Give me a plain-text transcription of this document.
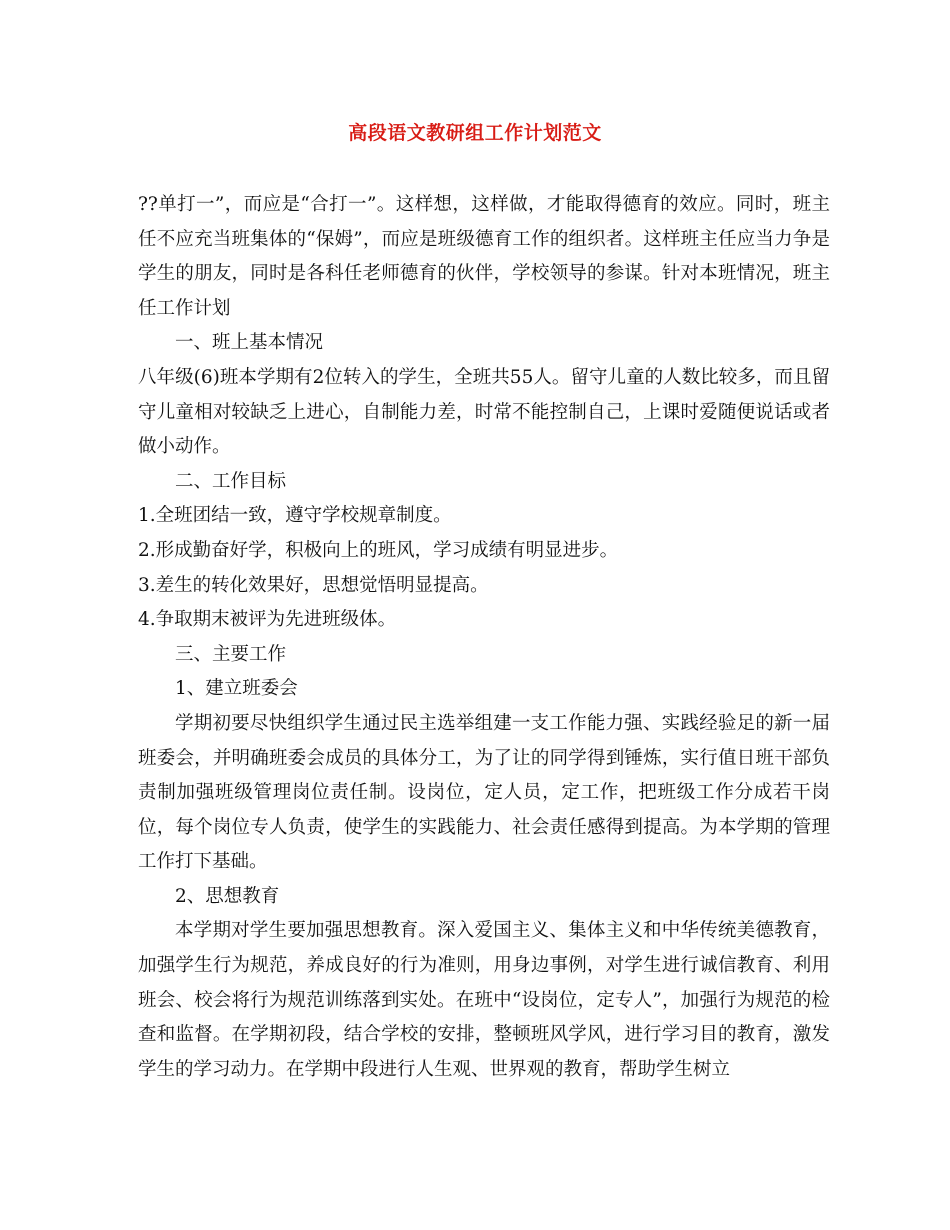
高段语文教研组工作计划范文

??单打一”，而应是“合打一”。这样想，这样做，才能取得德育的效应。同时，班主任不应充当班集体的“保姆”，而应是班级德育工作的组织者。这样班主任应当力争是学生的朋友，同时是各科任老师德育的伙伴，学校领导的参谋。针对本班情况，班主任工作计划

一、班上基本情况

八年级(6)班本学期有2位转入的学生，全班共55人。留守儿童的人数比较多，而且留守儿童相对较缺乏上进心，自制能力差，时常不能控制自己，上课时爱随便说话或者做小动作。

二、工作目标

1.全班团结一致，遵守学校规章制度。

2.形成勤奋好学，积极向上的班风，学习成绩有明显进步。

3.差生的转化效果好，思想觉悟明显提高。

4.争取期末被评为先进班级体。

三、主要工作

1、建立班委会

学期初要尽快组织学生通过民主选举组建一支工作能力强、实践经验足的新一届班委会，并明确班委会成员的具体分工，为了让的同学得到锤炼，实行值日班干部负责制加强班级管理岗位责任制。设岗位，定人员，定工作，把班级工作分成若干岗位，每个岗位专人负责，使学生的实践能力、社会责任感得到提高。为本学期的管理工作打下基础。

2、思想教育

本学期对学生要加强思想教育。深入爱国主义、集体主义和中华传统美德教育，加强学生行为规范，养成良好的行为准则，用身边事例，对学生进行诚信教育、利用班会、校会将行为规范训练落到实处。在班中“设岗位，定专人”，加强行为规范的检查和监督。在学期初段，结合学校的安排，整顿班风学风，进行学习目的教育，激发学生的学习动力。在学期中段进行人生观、世界观的教育，帮助学生树立
